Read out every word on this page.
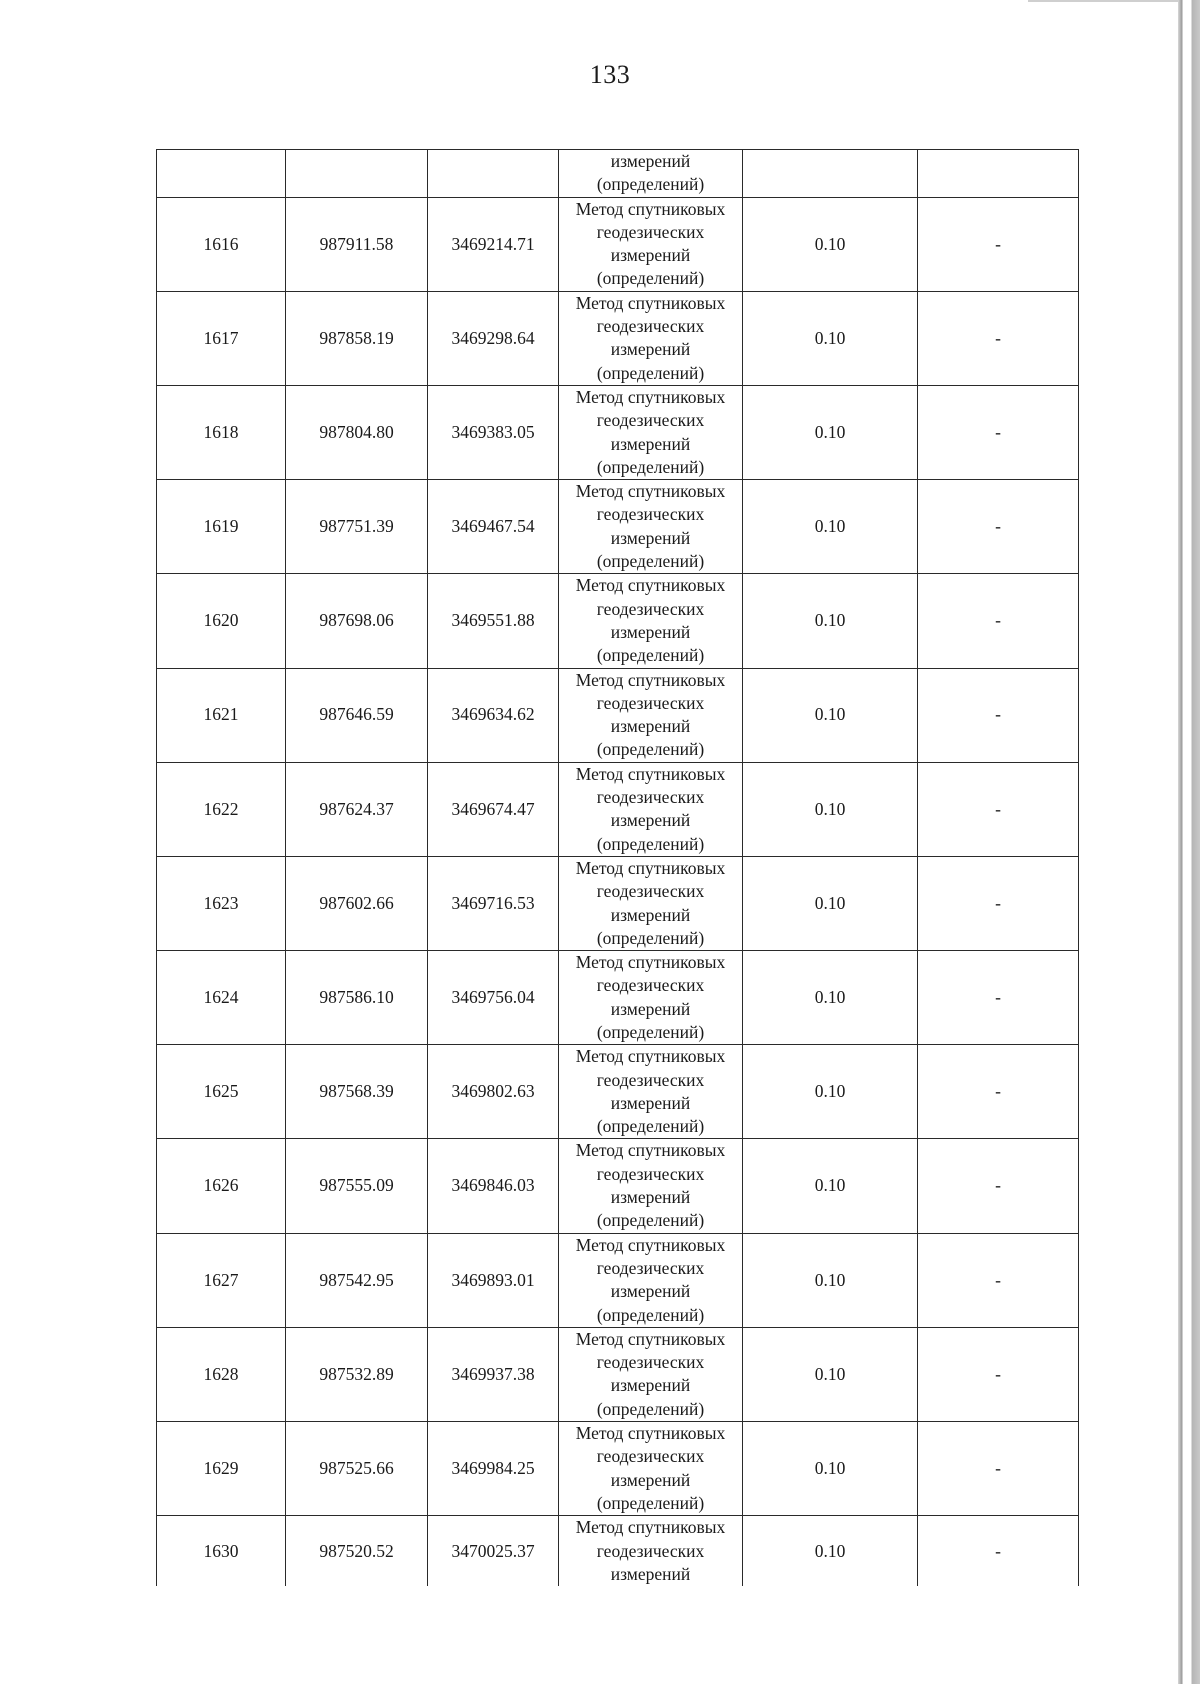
133
			измерений (определений)		
1616	987911.58	3469214.71	Метод спутниковых геодезических измерений (определений)	0.10	-
1617	987858.19	3469298.64	Метод спутниковых геодезических измерений (определений)	0.10	-
1618	987804.80	3469383.05	Метод спутниковых геодезических измерений (определений)	0.10	-
1619	987751.39	3469467.54	Метод спутниковых геодезических измерений (определений)	0.10	-
1620	987698.06	3469551.88	Метод спутниковых геодезических измерений (определений)	0.10	-
1621	987646.59	3469634.62	Метод спутниковых геодезических измерений (определений)	0.10	-
1622	987624.37	3469674.47	Метод спутниковых геодезических измерений (определений)	0.10	-
1623	987602.66	3469716.53	Метод спутниковых геодезических измерений (определений)	0.10	-
1624	987586.10	3469756.04	Метод спутниковых геодезических измерений (определений)	0.10	-
1625	987568.39	3469802.63	Метод спутниковых геодезических измерений (определений)	0.10	-
1626	987555.09	3469846.03	Метод спутниковых геодезических измерений (определений)	0.10	-
1627	987542.95	3469893.01	Метод спутниковых геодезических измерений (определений)	0.10	-
1628	987532.89	3469937.38	Метод спутниковых геодезических измерений (определений)	0.10	-
1629	987525.66	3469984.25	Метод спутниковых геодезических измерений (определений)	0.10	-
1630	987520.52	3470025.37	Метод спутниковых геодезических измерений	0.10	-
